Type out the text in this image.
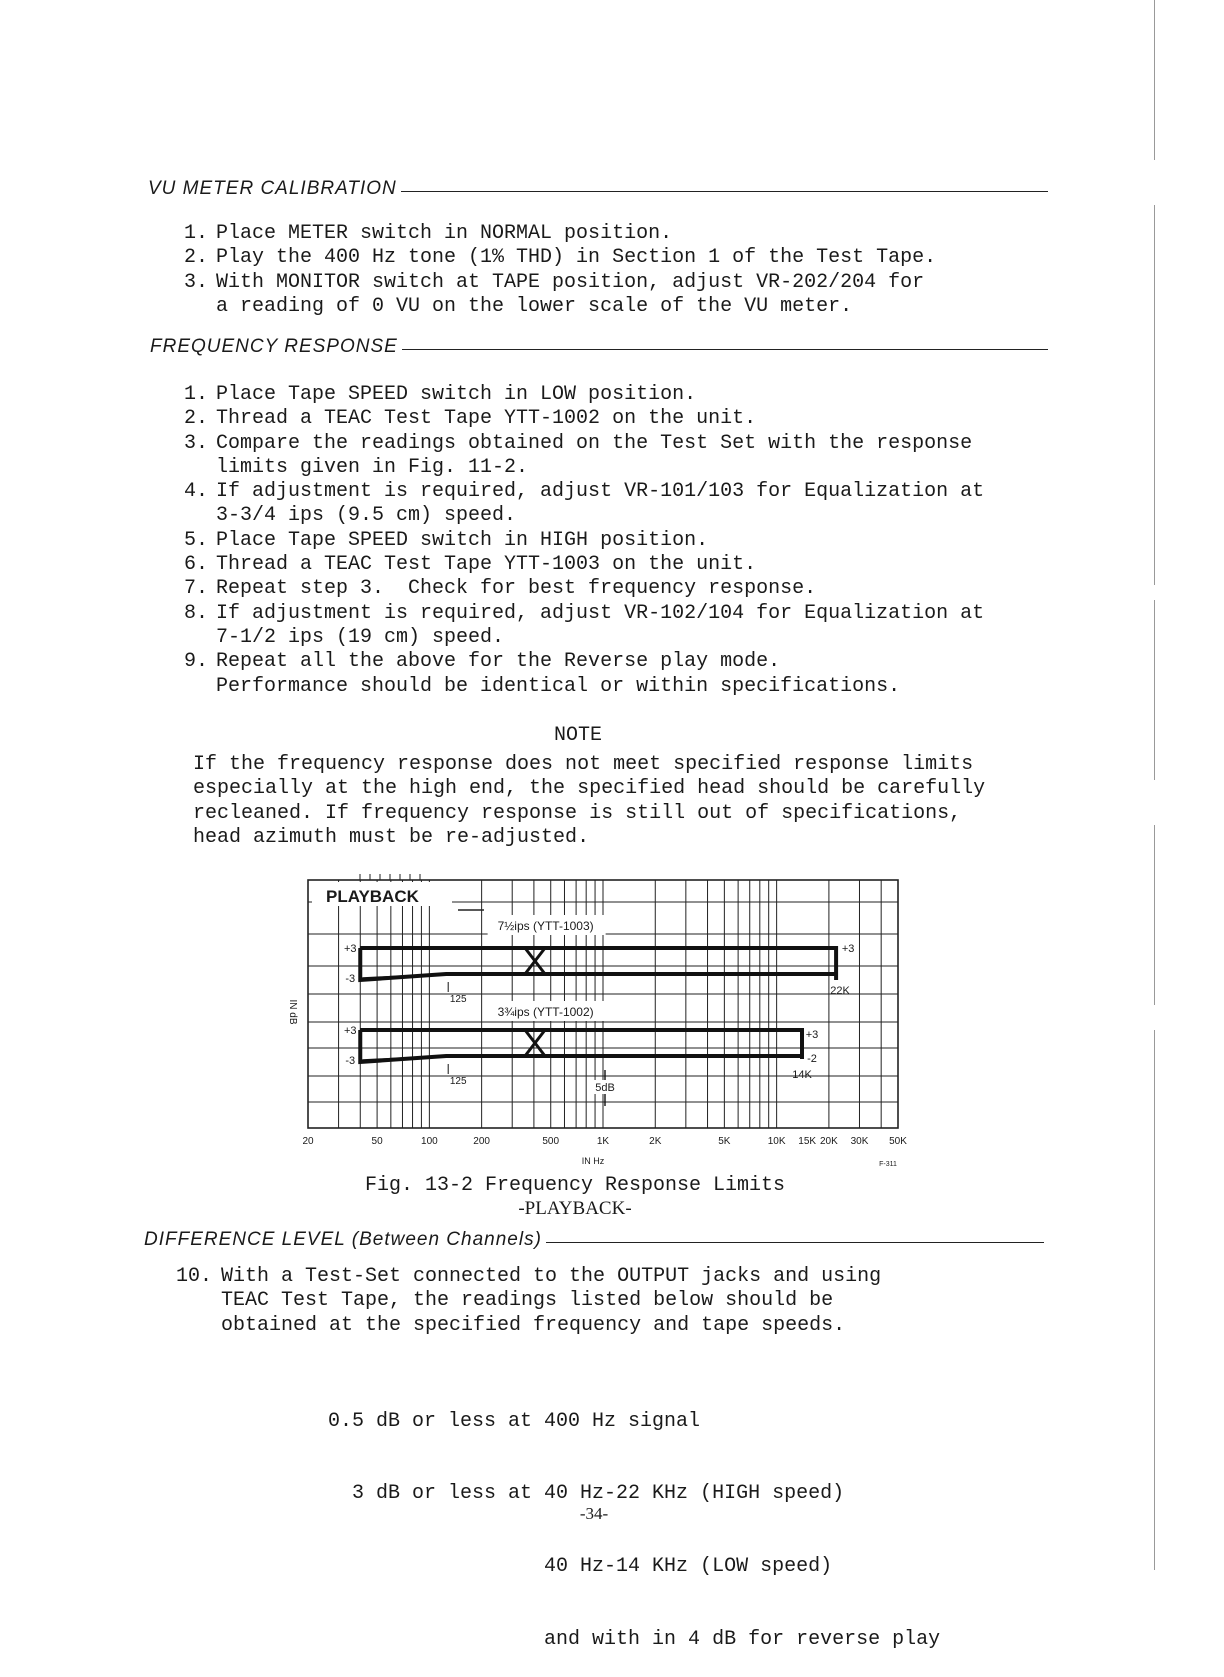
VU METER CALIBRATION
1. Place METER switch in NORMAL position.
2. Play the 400 Hz tone (1% THD) in Section 1 of the Test Tape.
3. With MONITOR switch at TAPE position, adjust VR-202/204 for
a reading of 0 VU on the lower scale of the VU meter.
FREQUENCY RESPONSE
1. Place Tape SPEED switch in LOW position.
2. Thread a TEAC Test Tape YTT-1002 on the unit.
3. Compare the readings obtained on the Test Set with the response
limits given in Fig. 11-2.
4. If adjustment is required, adjust VR-101/103 for Equalization at
3-3/4 ips (9.5 cm) speed.
5. Place Tape SPEED switch in HIGH position.
6. Thread a TEAC Test Tape YTT-1003 on the unit.
7. Repeat step 3.  Check for best frequency response.
8. If adjustment is required, adjust VR-102/104 for Equalization at
7-1/2 ips (19 cm) speed.
9. Repeat all the above for the Reverse play mode.
Performance should be identical or within specifications.
NOTE
If the frequency response does not meet specified response limits
especially at the high end, the specified head should be carefully
recleaned. If frequency response is still out of specifications,
head azimuth must be re-adjusted.
PLAYBACK
7½ips (YTT-1003)
+3
-3
125
+3
22K
3¾ips (YTT-1002)
+3
-3
125
+3
-2
14K
5dB
IN dB
20	50	100	200	500	1K	2K	5K	10K 15K 20K 30K 50K
IN Hz	F-311
Fig. 13-2 Frequency Response Limits
-PLAYBACK-
DIFFERENCE LEVEL (Between Channels)
10. With a Test-Set connected to the OUTPUT jacks and using
TEAC Test Tape, the readings listed below should be
obtained at the specified frequency and tape speeds.

0.5 dB or less at 400 Hz signal

3 dB or less at 40 Hz-22 KHz (HIGH speed)

40 Hz-14 KHz (LOW speed)

and with in 4 dB for reverse play

-34-
